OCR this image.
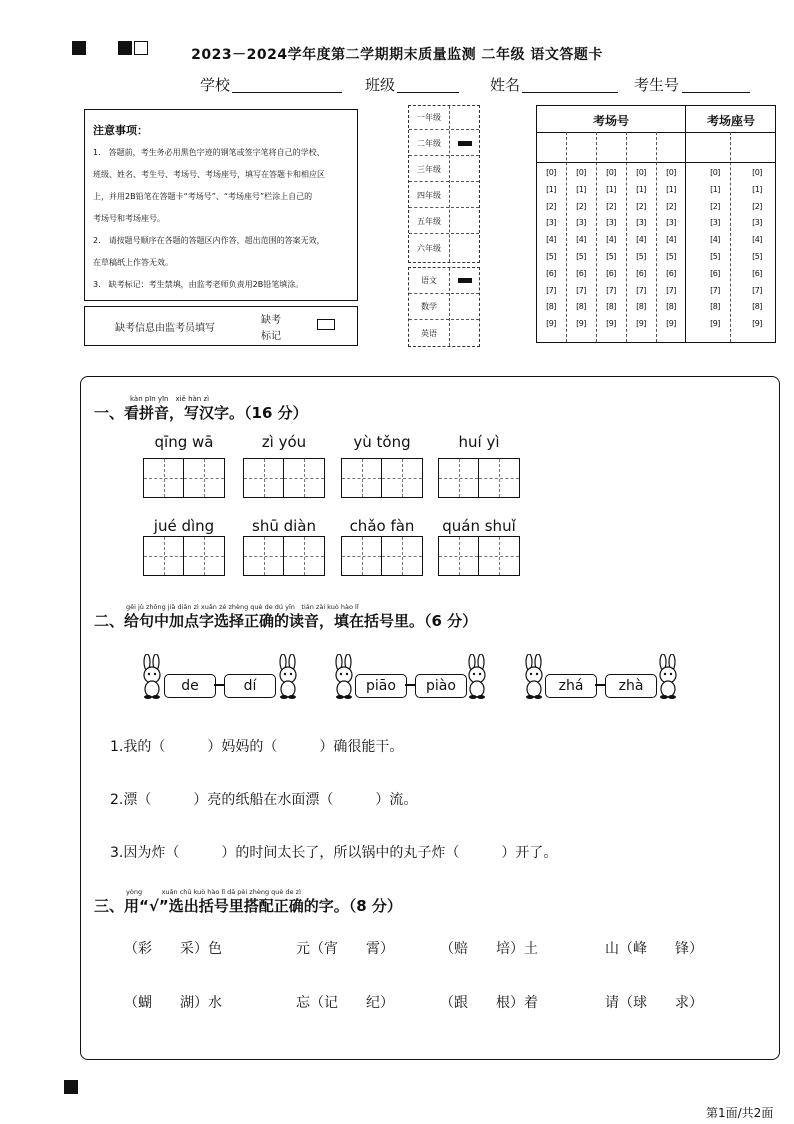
2023－2024学年度第二学期期末质量监测 二年级 语文答题卡
学校	班级	姓名	考生号
注意事项：
1.　答题前，考生务必用黑色字迹的钢笔或签字笔将自己的学校、
班级、姓名、考生号、考场号、考场座号，填写在答题卡和相应区
上，并用2B铅笔在答题卡“考场号”、“考场座号”栏涂上自己的
考场号和考场座号。
2.　请按题号顺序在各题的答题区内作答，超出范围的答案无效，
在草稿纸上作答无效。
3.　缺考标记：考生禁填，由监考老师负责用2B铅笔填涂。
缺考信息由监考员填写
缺考
标记
一年级
二年级
三年级
四年级
五年级
六年级
语文
数学
英语
考场号	考场座号
[0]	[0]	[0]	[0]	[0]	[0]	[0]
[1]	[1]	[1]	[1]	[1]	[1]	[1]
[2]	[2]	[2]	[2]	[2]	[2]	[2]
[3]	[3]	[3]	[3]	[3]	[3]	[3]
[4]	[4]	[4]	[4]	[4]	[4]	[4]
[5]	[5]	[5]	[5]	[5]	[5]	[5]
[6]	[6]	[6]	[6]	[6]	[6]	[6]
[7]	[7]	[7]	[7]	[7]	[7]	[7]
[8]	[8]	[8]	[8]	[8]	[8]	[8]
[9]	[9]	[9]	[9]	[9]	[9]	[9]
kàn pīn yīn　xiě hàn zì
一、看拼音，写汉字。（16 分）
qīng wā	zì yóu	yù tǒng	huí yì
jué dìng	shū diàn	chǎo fàn	quán shuǐ
gěi jù zhōng jiā diǎn zì xuǎn zé zhèng què de dú yīn　tián zài kuò hào lǐ
二、给句中加点字选择正确的读音，填在括号里。（6 分）
de	dí	piāo	piào	zhá	zhà
1.我的（　　　）妈妈的（　　　）确很能干。
2.漂（　　　）亮的纸船在水面漂（　　　）流。
3.因为炸（　　　）的时间太长了，所以锅中的丸子炸（　　　）开了。
yòng　　　xuǎn chū kuò hào lǐ dā pèi zhèng què de zì
三、用“√”选出括号里搭配正确的字。（8 分）
（彩　　采）色	元（宵　　霄）	（赔　　培）土	山（峰　　锋）
（蝴　　湖）水	忘（记　　纪）	（跟　　根）着	请（球　　求）
第1面/共2面
